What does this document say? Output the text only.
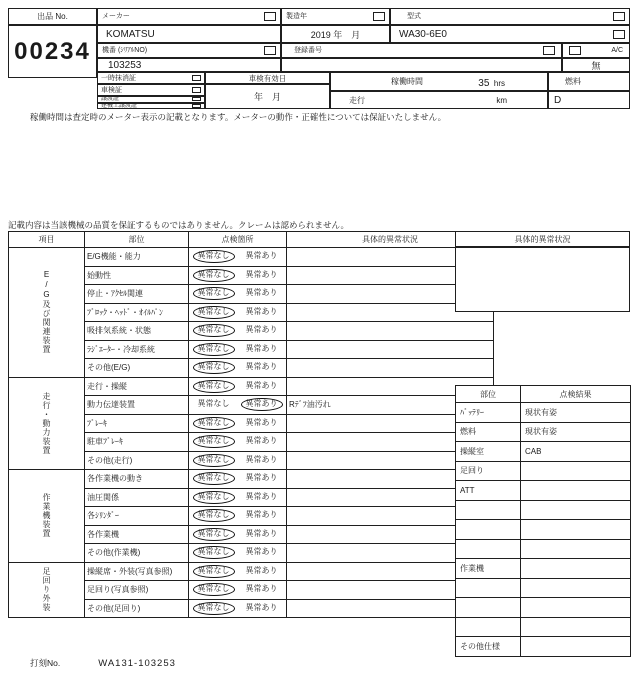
出品 No.
00234
メーカー
KOMATSU
機番 (ｼﾘｱﾙNO)
103253
製造年
2019 年　月
型式
WA30-6E0
登録番号	A/C
無
一時抹消証
車検証
譲渡証
建機工譲渡証
車検有効日
年　月
稼働時間	35 hrs
走行	km
燃料
D
稼働時間は査定時のメーター表示の記載となります。メーターの動作・正確性については保証いたしません。
記載内容は当該機械の品質を保証するものではありません。クレームは認められません。
項目	部位	点検箇所	具体的異常状況
E/G及び関連装置	E/G機能・能力	異常なし 異常あり	
	始動性	異常なし 異常あり	
	停止・ｱｸｾﾙ関連	異常なし 異常あり	
	ﾌﾞﾛｯｸ・ﾍｯﾄﾞ・ｵｲﾙﾊﾟﾝ	異常なし 異常あり	
	吸排気系統・状態	異常なし 異常あり	
	ﾗｼﾞｴｰﾀｰ・冷却系統	異常なし 異常あり	
	その他(E/G)	異常なし 異常あり	
走行・動力装置	走行・操縦	異常なし 異常あり	
	動力伝達装置	異常なし 異常あり	Rﾃﾞﾌ油汚れ
	ﾌﾞﾚｰｷ	異常なし 異常あり	
	駐車ﾌﾞﾚｰｷ	異常なし 異常あり	
	その他(走行)	異常なし 異常あり	
作業機装置	各作業機の動き	異常なし 異常あり	
	油圧関係	異常なし 異常あり	
	各ｼﾘﾝﾀﾞｰ	異常なし 異常あり	
	各作業機	異常なし 異常あり	
	その他(作業機)	異常なし 異常あり	
足回り外装	操縦席・外装(写真参照)	異常なし 異常あり	
	足回り(写真参照)	異常なし 異常あり	
	その他(足回り)	異常なし 異常あり	
具体的異常状況
部位	点検結果
ﾊﾞｯﾃﾘｰ	現状有姿
燃料	現状有姿
操縦室	CAB
足回り	
ATT	

作業機	

その他仕様	
打刻No.	WA131-103253
